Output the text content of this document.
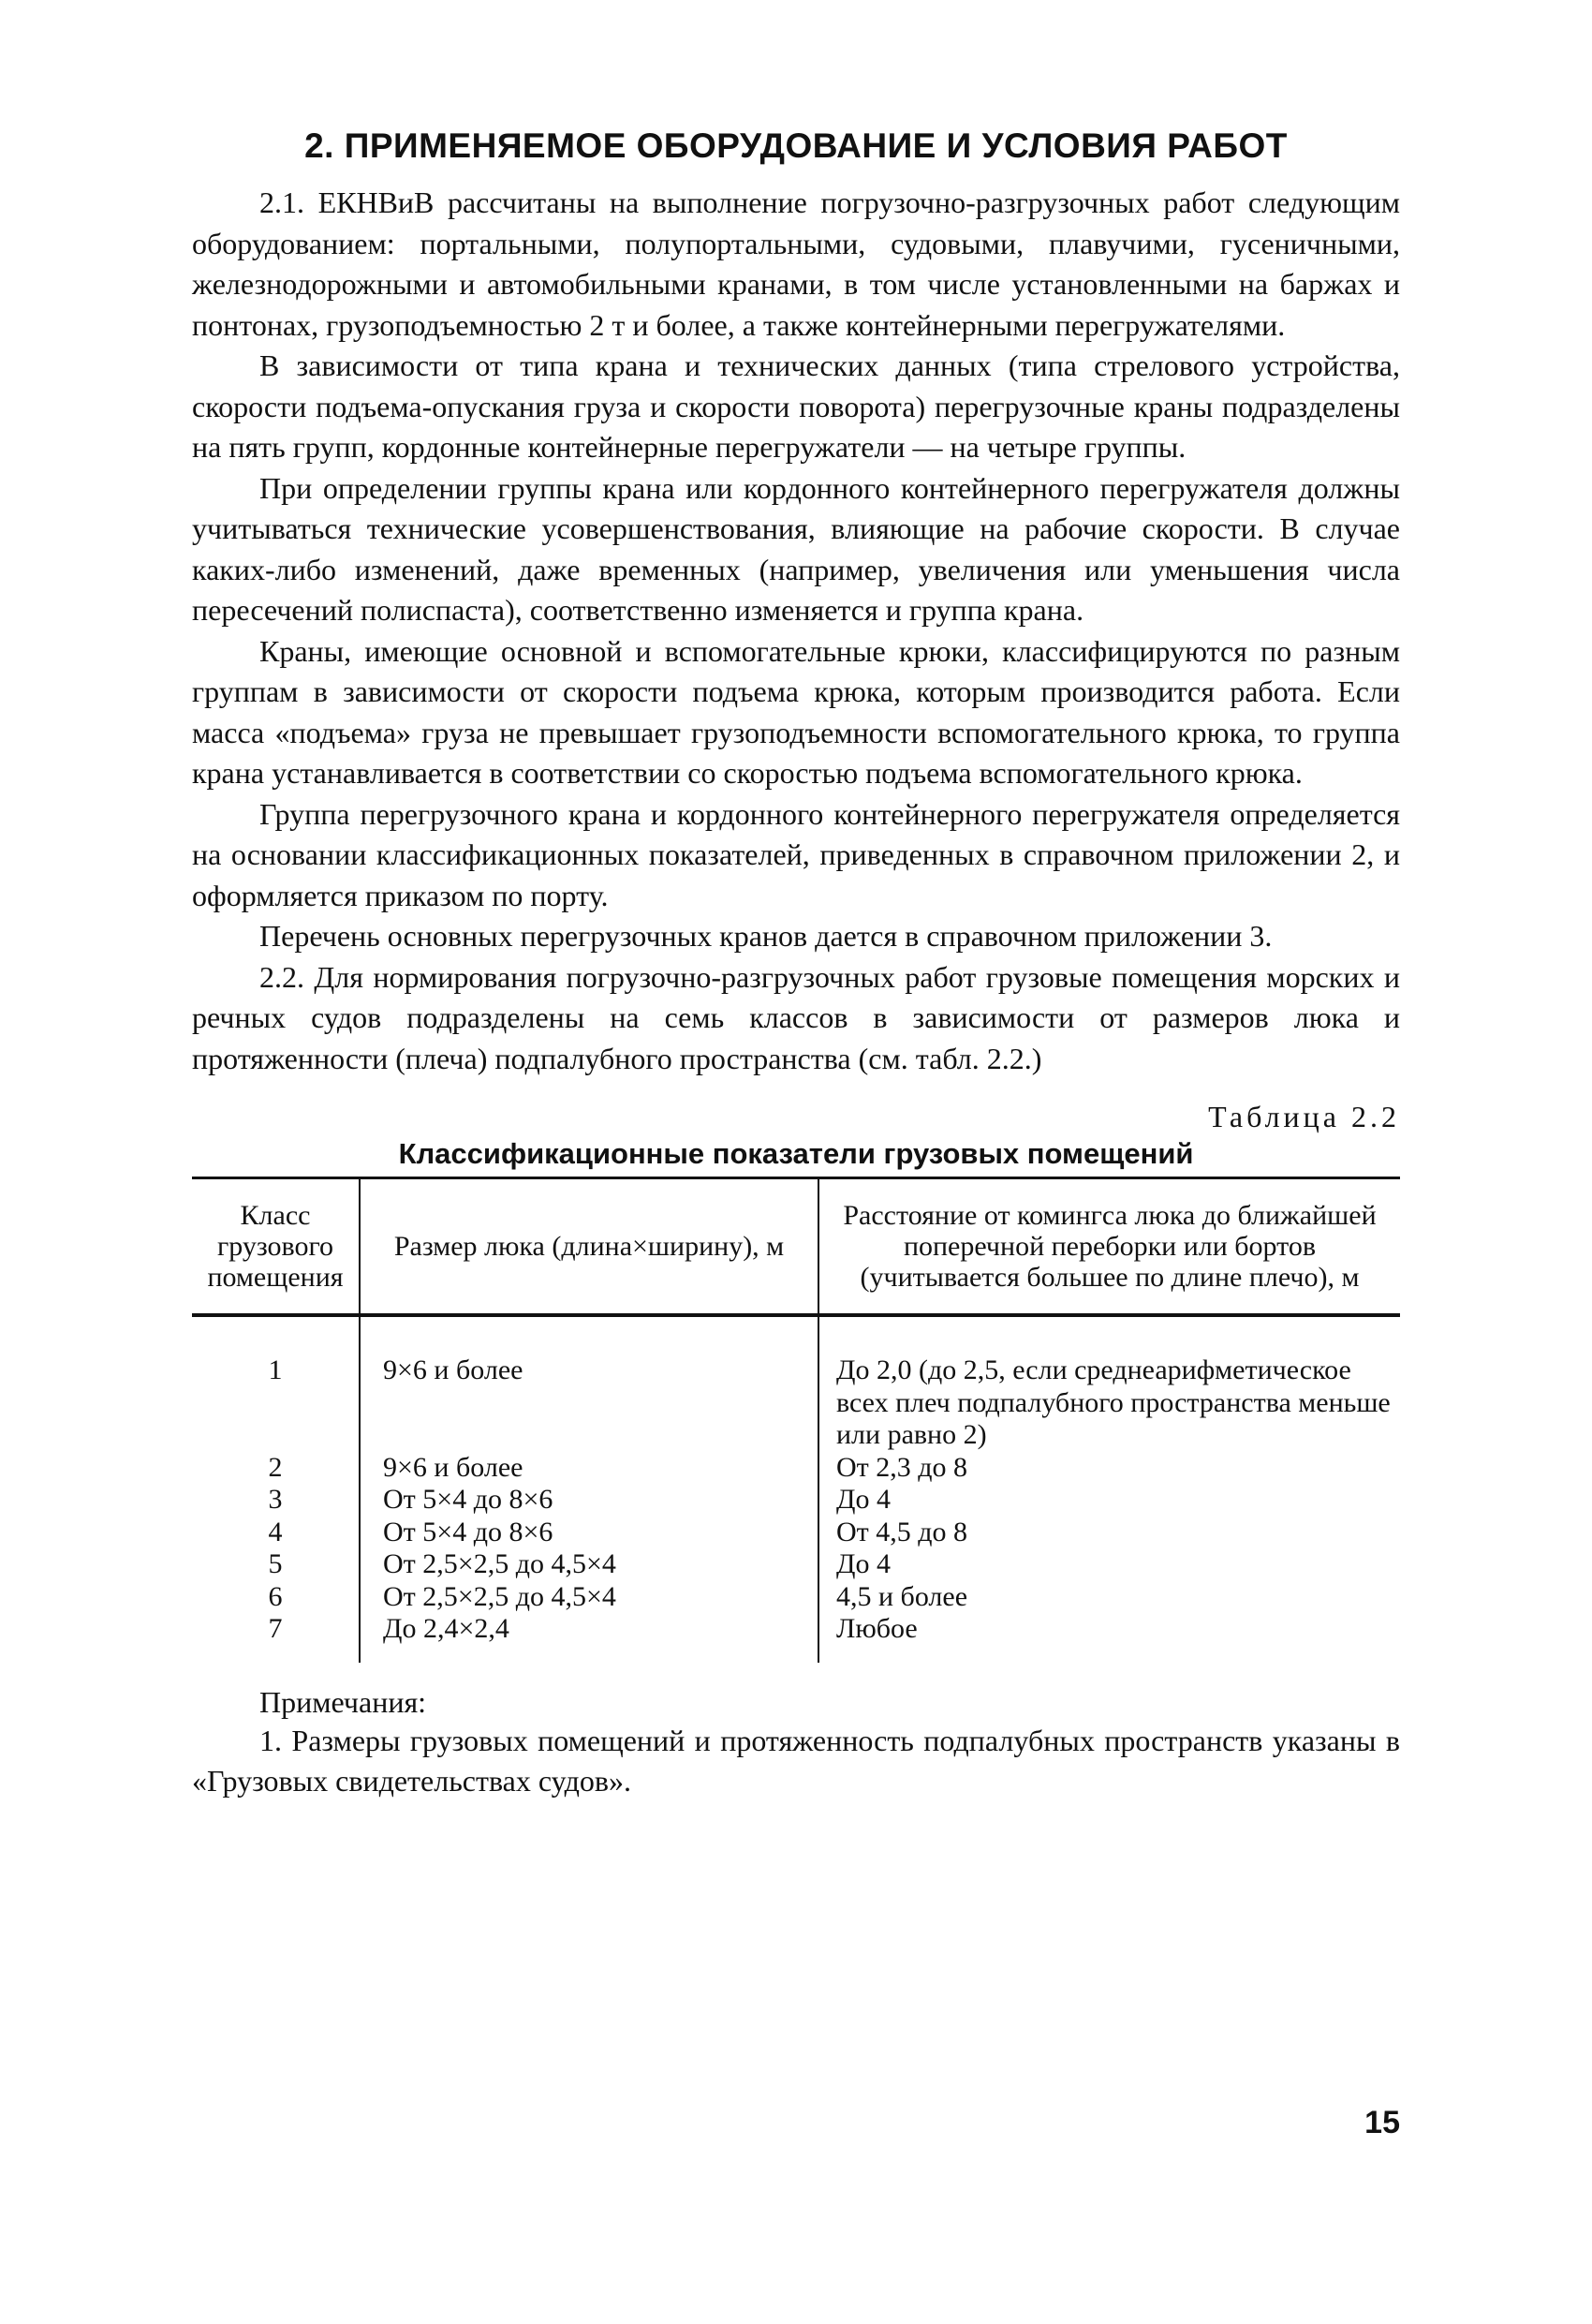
2. ПРИМЕНЯЕМОЕ ОБОРУДОВАНИЕ И УСЛОВИЯ РАБОТ

2.1. ЕКНВиВ рассчитаны на выполнение погрузочно-разгрузочных работ следующим оборудованием: портальными, полупортальными, судовыми, плавучими, гусеничными, железнодорожными и автомобильными кранами, в том числе установленными на баржах и понтонах, грузоподъемностью 2 т и более, а также контейнерными перегружателями.

В зависимости от типа крана и технических данных (типа стрелового устройства, скорости подъема-опускания груза и скорости поворота) перегрузочные краны подразделены на пять групп, кордонные контейнерные перегружатели — на четыре группы.

При определении группы крана или кордонного контейнерного перегружателя должны учитываться технические усовершенствования, влияющие на рабочие скорости. В случае каких-либо изменений, даже временных (например, увеличения или уменьшения числа пересечений полиспаста), соответственно изменяется и группа крана.

Краны, имеющие основной и вспомогательные крюки, классифицируются по разным группам в зависимости от скорости подъема крюка, которым производится работа. Если масса «подъема» груза не превышает грузоподъемности вспомогательного крюка, то группа крана устанавливается в соответствии со скоростью подъема вспомогательного крюка.

Группа перегрузочного крана и кордонного контейнерного перегружателя определяется на основании классификационных показателей, приведенных в справочном приложении 2, и оформляется приказом по порту.

Перечень основных перегрузочных кранов дается в справочном приложении 3.

2.2. Для нормирования погрузочно-разгрузочных работ грузовые помещения морских и речных судов подразделены на семь классов в зависимости от размеров люка и протяженности (плеча) подпалубного пространства (см. табл. 2.2.)

Таблица 2.2
Классификационные показатели грузовых помещений
Класс грузового помещения	Размер люка (длина×ширину), м	Расстояние от комингса люка до ближайшей поперечной переборки или бортов (учитывается большее по длине плечо), м
1	9×6 и более	До 2,0 (до 2,5, если среднеарифметическое всех плеч подпалубного пространства меньше или равно 2)
2	9×6 и более	От 2,3 до 8
3	От 5×4 до 8×6	До 4
4	От 5×4 до 8×6	От 4,5 до 8
5	От 2,5×2,5 до 4,5×4	До 4
6	От 2,5×2,5 до 4,5×4	4,5 и более
7	До 2,4×2,4	Любое
Примечания:

1. Размеры грузовых помещений и протяженность подпалубных пространств указаны в «Грузовых свидетельствах судов».

15
